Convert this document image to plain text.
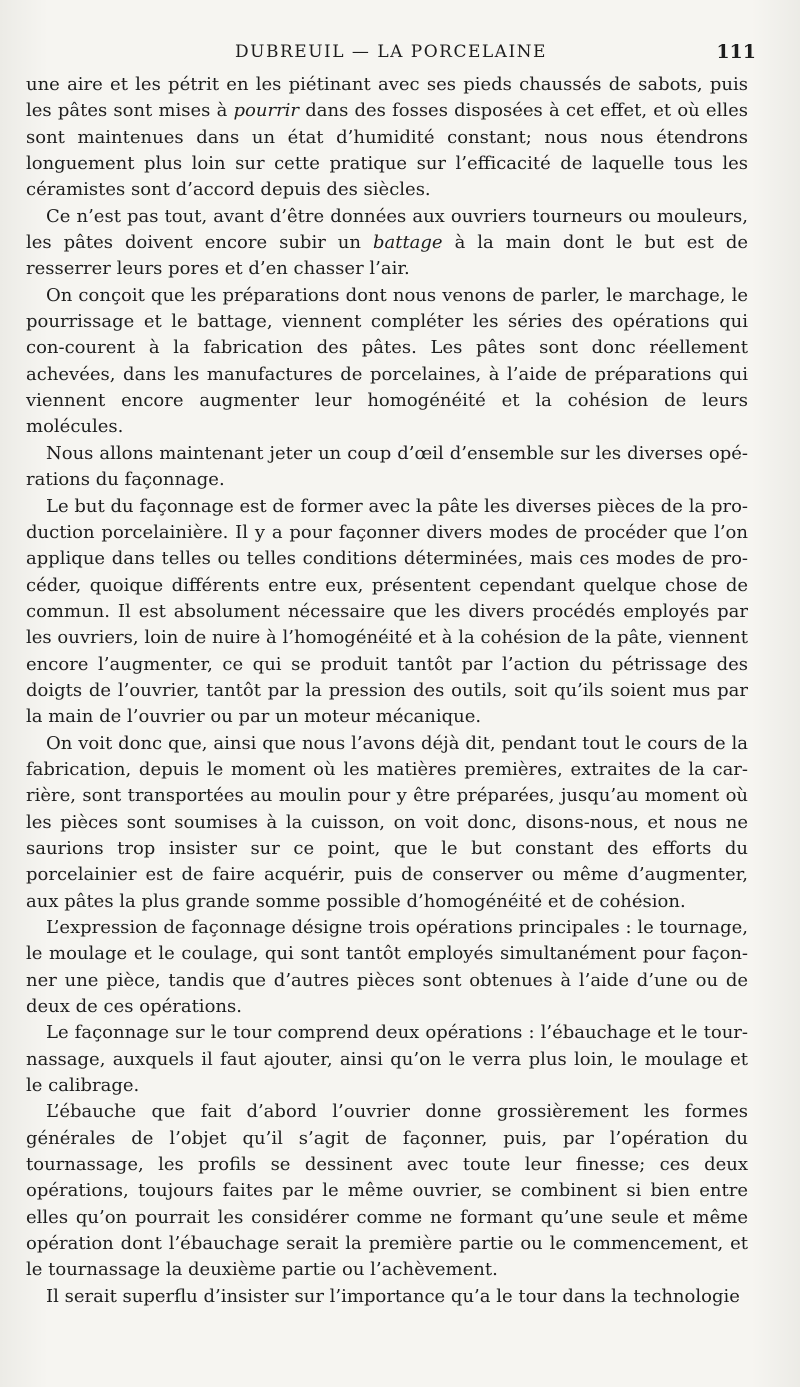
DUBREUIL — LA PORCELAINE	111

une aire et les pétrit en les piétinant avec ses pieds chaussés de sabots, puis les pâtes sont mises à pourrir dans des fosses disposées à cet effet, et où elles sont maintenues dans un état d’humidité constant; nous nous étendrons longuement plus loin sur cette pratique sur l’efficacité de laquelle tous les céramistes sont d’accord depuis des siècles.

Ce n’est pas tout, avant d’être données aux ouvriers tourneurs ou mouleurs, les pâtes doivent encore subir un battage à la main dont le but est de resserrer leurs pores et d’en chasser l’air.

On conçoit que les préparations dont nous venons de parler, le marchage, le pourrissage et le battage, viennent compléter les séries des opérations qui con-courent à la fabrication des pâtes. Les pâtes sont donc réellement achevées, dans les manufactures de porcelaines, à l’aide de préparations qui viennent encore augmenter leur homogénéité et la cohésion de leurs molécules.

Nous allons maintenant jeter un coup d’œil d’ensemble sur les diverses opé-rations du façonnage.

Le but du façonnage est de former avec la pâte les diverses pièces de la pro-duction porcelainière. Il y a pour façonner divers modes de procéder que l’on applique dans telles ou telles conditions déterminées, mais ces modes de pro-céder, quoique différents entre eux, présentent cependant quelque chose de commun. Il est absolument nécessaire que les divers procédés employés par les ouvriers, loin de nuire à l’homogénéité et à la cohésion de la pâte, viennent encore l’augmenter, ce qui se produit tantôt par l’action du pétrissage des doigts de l’ouvrier, tantôt par la pression des outils, soit qu’ils soient mus par la main de l’ouvrier ou par un moteur mécanique.

On voit donc que, ainsi que nous l’avons déjà dit, pendant tout le cours de la fabrication, depuis le moment où les matières premières, extraites de la car-rière, sont transportées au moulin pour y être préparées, jusqu’au moment où les pièces sont soumises à la cuisson, on voit donc, disons-nous, et nous ne saurions trop insister sur ce point, que le but constant des efforts du porcelainier est de faire acquérir, puis de conserver ou même d’augmenter, aux pâtes la plus grande somme possible d’homogénéité et de cohésion.

L’expression de façonnage désigne trois opérations principales : le tournage, le moulage et le coulage, qui sont tantôt employés simultanément pour façon-ner une pièce, tandis que d’autres pièces sont obtenues à l’aide d’une ou de deux de ces opérations.

Le façonnage sur le tour comprend deux opérations : l’ébauchage et le tour-nassage, auxquels il faut ajouter, ainsi qu’on le verra plus loin, le moulage et le calibrage.

L’ébauche que fait d’abord l’ouvrier donne grossièrement les formes générales de l’objet qu’il s’agit de façonner, puis, par l’opération du tournassage, les profils se dessinent avec toute leur finesse; ces deux opérations, toujours faites par le même ouvrier, se combinent si bien entre elles qu’on pourrait les considérer comme ne formant qu’une seule et même opération dont l’ébauchage serait la première partie ou le commencement, et le tournassage la deuxième partie ou l’achèvement.

Il serait superflu d’insister sur l’importance qu’a le tour dans la technologie
